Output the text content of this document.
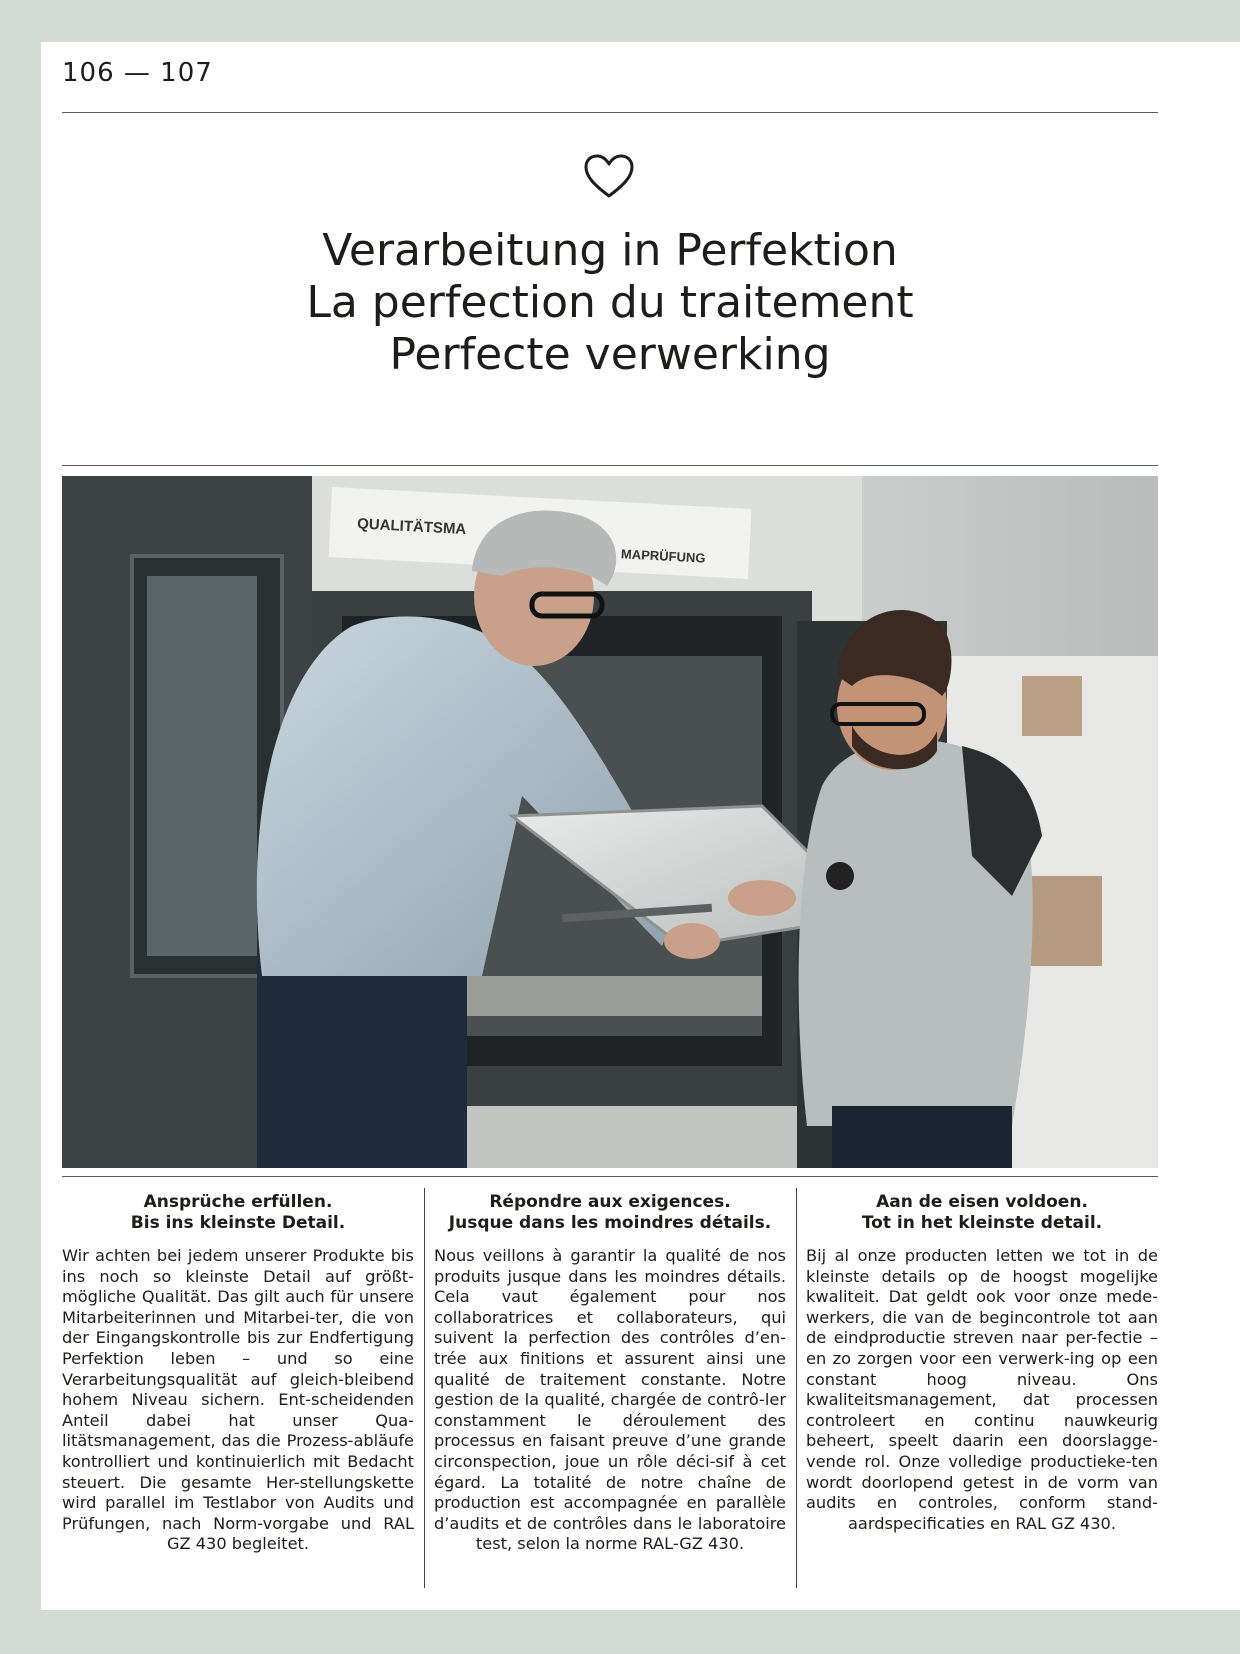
106 — 107
Verarbeitung in Perfektion
La perfection du traitement
Perfecte verwerking
QUALITÄTSMA
MAPRÜFUNG
Ansprüche erfüllen.
Bis ins kleinste Detail.

Wir achten bei jedem unserer Produkte bis ins noch so kleinste Detail auf größt-mögliche Qualität. Das gilt auch für unsere Mitarbeiterinnen und Mitarbei-ter, die von der Eingangskontrolle bis zur Endfertigung Perfektion leben – und so eine Verarbeitungsqualität auf gleich-bleibend hohem Niveau sichern. Ent-scheidenden Anteil dabei hat unser Qua-litätsmanagement, das die Prozess-abläufe kontrolliert und kontinuierlich mit Bedacht steuert. Die gesamte Her-stellungskette wird parallel im Testlabor von Audits und Prüfungen, nach Norm-vorgabe und RAL GZ 430 begleitet.

Répondre aux exigences.
Jusque dans les moindres détails.

Nous veillons à garantir la qualité de nos produits jusque dans les moindres détails. Cela vaut également pour nos collaboratrices et collaborateurs, qui suivent la perfection des contrôles d’en-trée aux finitions et assurent ainsi une qualité de traitement constante. Notre gestion de la qualité, chargée de contrô-ler constamment le déroulement des processus en faisant preuve d’une grande circonspection, joue un rôle déci-sif à cet égard. La totalité de notre chaîne de production est accompagnée en parallèle d’audits et de contrôles dans le laboratoire test, selon la norme RAL-GZ 430.

Aan de eisen voldoen.
Tot in het kleinste detail.

Bij al onze producten letten we tot in de kleinste details op de hoogst mogelijke kwaliteit. Dat geldt ook voor onze mede-werkers, die van de begincontrole tot aan de eindproductie streven naar per-fectie – en zo zorgen voor een verwerk-ing op een constant hoog niveau. Ons kwaliteitsmanagement, dat processen controleert en continu nauwkeurig beheert, speelt daarin een doorslagge-vende rol. Onze volledige productieke-ten wordt doorlopend getest in de vorm van audits en controles, conform stand-aardspecificaties en RAL GZ 430.
